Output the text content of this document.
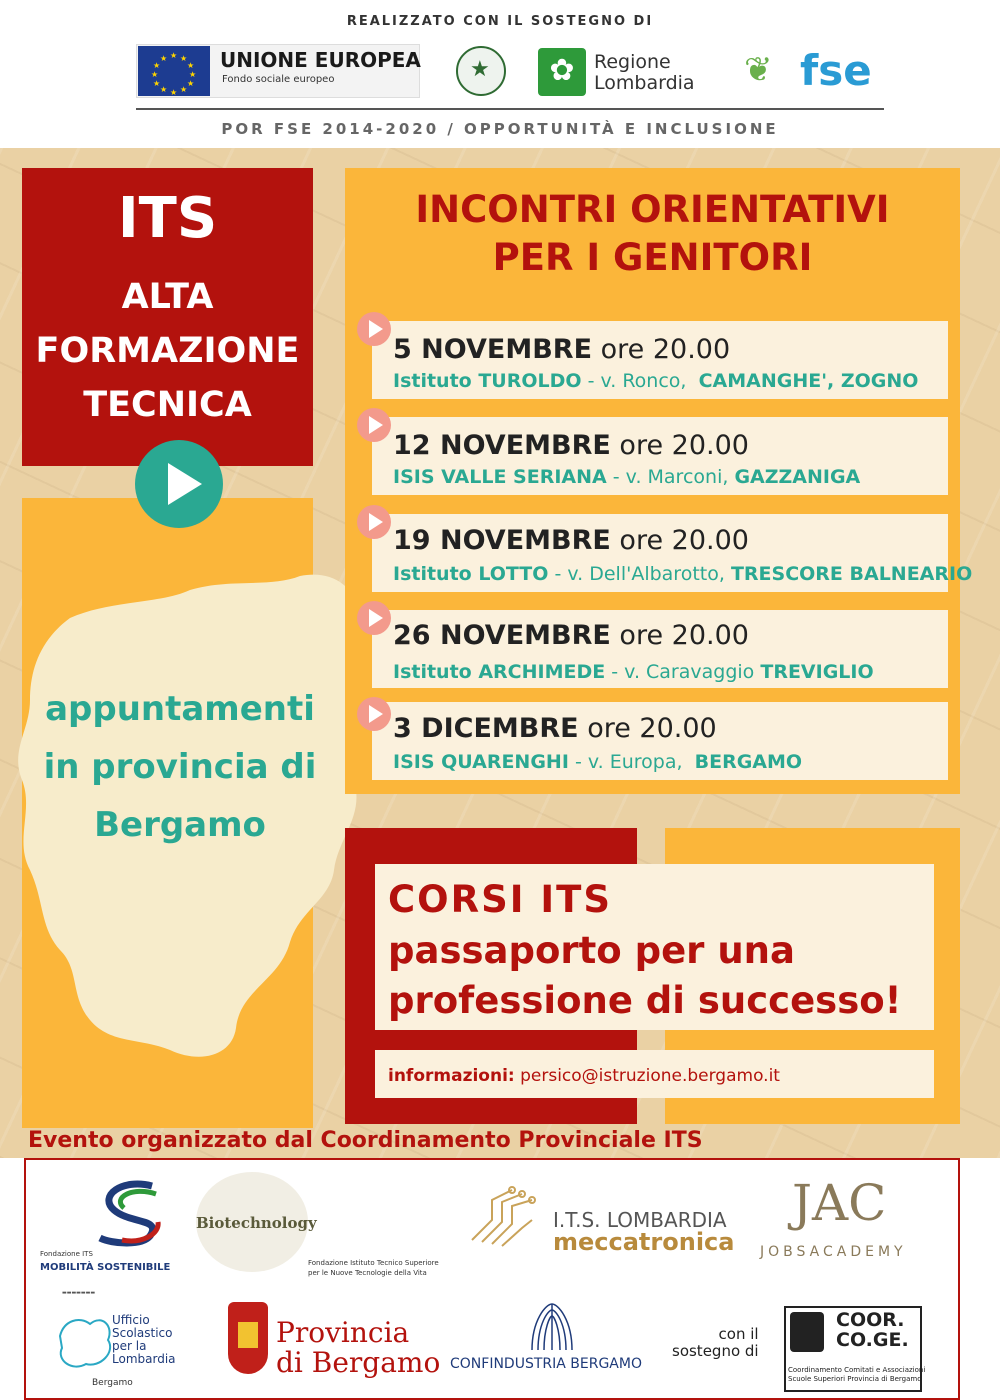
REALIZZATO CON IL SOSTEGNO DI
★ ★
★
★
★
★
★
★
★
★
★
★	UNIONE EUROPEA
Fondo sociale europeo	★	✿	Regione
Lombardia ❦ fse
POR FSE 2014-2020 / OPPORTUNITÀ E INCLUSIONE
ITS
ALTA
FORMAZIONE
TECNICA
appuntamenti
in provincia di
Bergamo
INCONTRI ORIENTATIVI
PER I GENITORI
5 NOVEMBRE ore 20.00
Istituto TUROLDO - v. Ronco, CAMANGHE', ZOGNO
12 NOVEMBRE ore 20.00
ISIS VALLE SERIANA - v. Marconi, GAZZANIGA
19 NOVEMBRE ore 20.00
Istituto LOTTO - v. Dell'Albarotto, TRESCORE BALNEARIO
26 NOVEMBRE ore 20.00
Istituto ARCHIMEDE - v. Caravaggio TREVIGLIO
3 DICEMBRE ore 20.00
ISIS QUARENGHI - v. Europa, BERGAMO
CORSI ITS
passaporto per una
professione di successo!
informazioni: persico@istruzione.bergamo.it
Evento organizzato dal Coordinamento Provinciale ITS
Fondazione ITS
MOBILITÀ SOSTENIBILE
Biotechnology
Fondazione Istituto Tecnico Superiore
per le Nuove Tecnologie della Vita
I.T.S. LOMBARDIA
meccatronica
JAC
JOBSACADEMY
▬▬▬▬▬▬▬
Ufficio
Scolastico
per la
Lombardia
Bergamo
Provincia
di Bergamo CONFINDUSTRIA BERGAMO
con il
sostegno di
COOR.
CO.GE.
Coordinamento Comitati e Associazioni
Scuole Superiori Provincia di Bergamo
